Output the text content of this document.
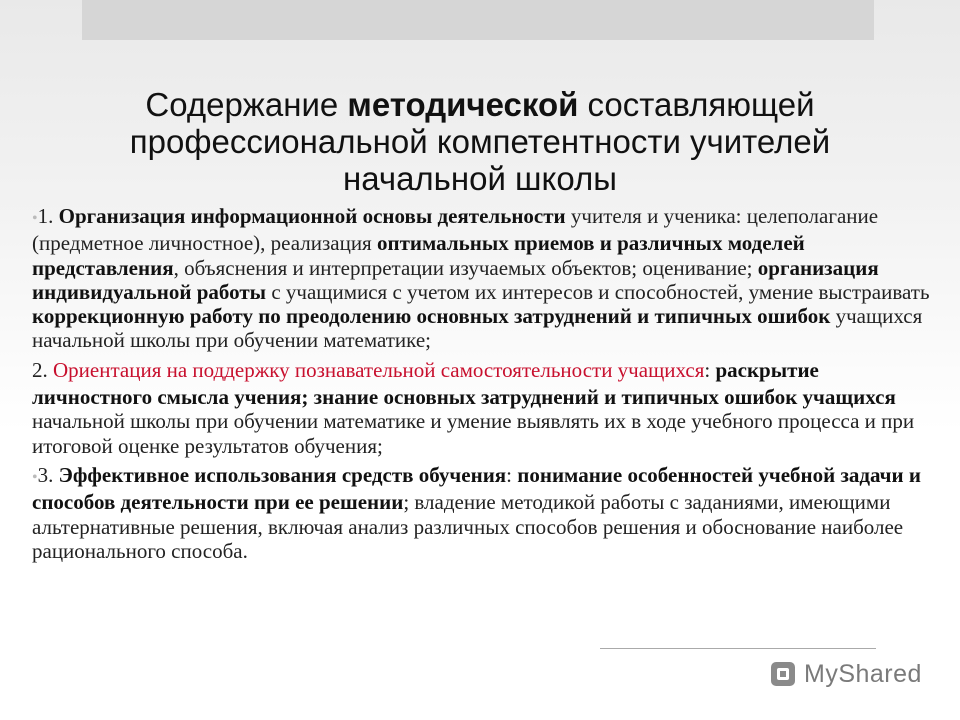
Содержание методической составляющей
профессиональной компетентности учителей
начальной школы

•1. Организация информационной основы деятельности учителя и ученика: целеполагание (предметное личностное), реализация оптимальных приемов и различных моделей представления, объяснения и интерпретации изучаемых объектов; оценивание; организация индивидуальной работы с учащимися с учетом их интересов и способностей, умение выстраивать коррекционную работу по преодолению основных затруднений и типичных ошибок учащихся начальной школы при обучении математике;

2. Ориентация на поддержку познавательной самостоятельности учащихся: раскрытие личностного смысла учения; знание основных затруднений и типичных ошибок учащихся начальной школы при обучении математике и умение выявлять их в ходе учебного процесса и при итоговой оценке результатов обучения;

•3. Эффективное использования средств обучения: понимание особенностей учебной задачи и способов деятельности при ее решении; владение методикой работы с заданиями, имеющими альтернативные решения, включая анализ различных способов решения и обоснование наиболее рационального способа.

MyShared
